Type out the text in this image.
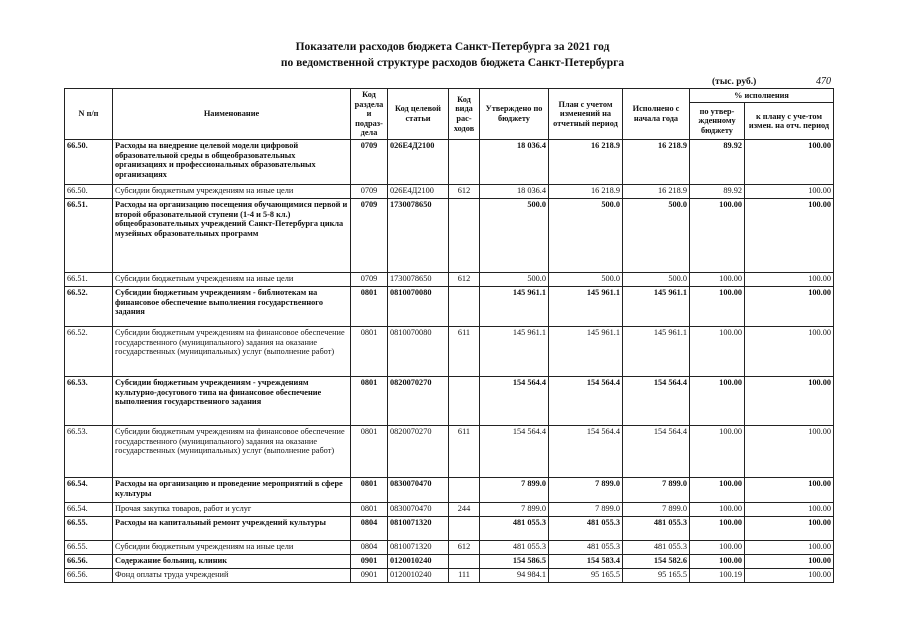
Показатели расходов бюджета Санкт-Петербурга за 2021 год
по ведомственной структуре расходов бюджета Санкт-Петербурга
(тыс. руб.)	470
N п/п	Наименование	Код раздела и подраз-дела	Код целевой статьи	Код вида рас-ходов	Утверждено по бюджету	План с учетом изменений на отчетный период	Исполнено с начала года	% исполнения	
								по утвер-жденному бюджету	к плану с уче-том измен. на отч. период
66.50.	Расходы на внедрение целевой модели цифровой образовательной среды в общеобразовательных организациях и профессиональных образовательных организациях	0709	026Е4Д2100		18 036.4	16 218.9	16 218.9	89.92	100.00
66.50.	Субсидии бюджетным учреждениям на иные цели	0709	026Е4Д2100	612	18 036.4	16 218.9	16 218.9	89.92	100.00
66.51.	Расходы на организацию посещения обучающимися первой и второй образовательной ступени (1-4 и 5-8 кл.) общеобразовательных учреждений Санкт-Петербурга цикла музейных образовательных программ	0709	1730078650		500.0	500.0	500.0	100.00	100.00
66.51.	Субсидии бюджетным учреждениям на иные цели	0709	1730078650	612	500.0	500.0	500.0	100.00	100.00
66.52.	Субсидии бюджетным учреждениям - библиотекам на финансовое обеспечение выполнения государственного задания	0801	0810070080		145 961.1	145 961.1	145 961.1	100.00	100.00
66.52.	Субсидии бюджетным учреждениям на финансовое обеспечение государственного (муниципального) задания на оказание государственных (муниципальных) услуг (выполнение работ)	0801	0810070080	611	145 961.1	145 961.1	145 961.1	100.00	100.00
66.53.	Субсидии бюджетным учреждениям - учреждениям культурно-досугового типа на финансовое обеспечение выполнения государственного задания	0801	0820070270		154 564.4	154 564.4	154 564.4	100.00	100.00
66.53.	Субсидии бюджетным учреждениям на финансовое обеспечение государственного (муниципального) задания на оказание государственных (муниципальных) услуг (выполнение работ)	0801	0820070270	611	154 564.4	154 564.4	154 564.4	100.00	100.00
66.54.	Расходы на организацию и проведение мероприятий в сфере культуры	0801	0830070470		7 899.0	7 899.0	7 899.0	100.00	100.00
66.54.	Прочая закупка товаров, работ и услуг	0801	0830070470	244	7 899.0	7 899.0	7 899.0	100.00	100.00
66.55.	Расходы на капитальный ремонт учреждений культуры	0804	0810071320		481 055.3	481 055.3	481 055.3	100.00	100.00
66.55.	Субсидии бюджетным учреждениям на иные цели	0804	0810071320	612	481 055.3	481 055.3	481 055.3	100.00	100.00
66.56.	Содержание больниц, клиник	0901	0120010240		154 586.5	154 583.4	154 582.6	100.00	100.00
66.56.	Фонд оплаты труда учреждений	0901	0120010240	111	94 984.1	95 165.5	95 165.5	100.19	100.00
